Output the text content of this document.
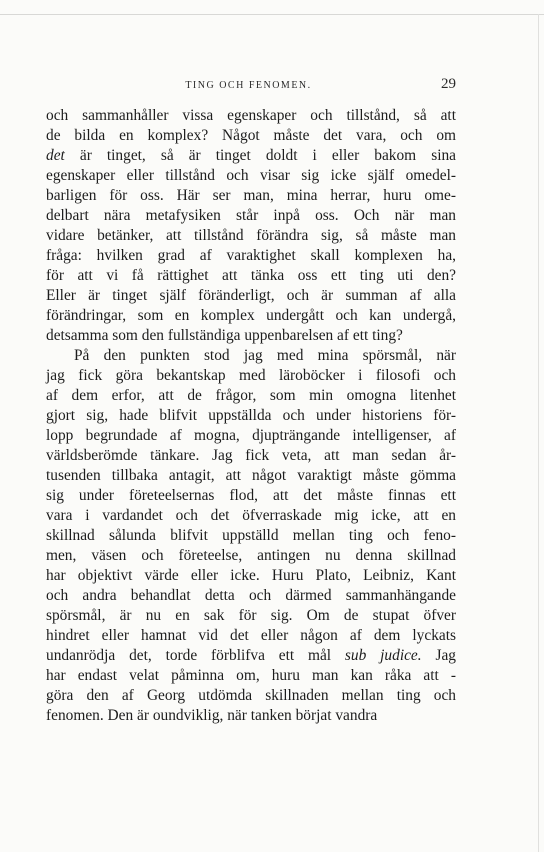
TING OCH FENOMEN.	29
och sammanhåller vissa egenskaper och tillstånd, så att
de bilda en komplex? Något måste det vara, och om
det är tinget, så är tinget doldt i eller bakom sina
egenskaper eller tillstånd och visar sig icke själf omedel-
barligen för oss. Här ser man, mina herrar, huru ome-
delbart nära metafysiken står inpå oss. Och när man
vidare betänker, att tillstånd förändra sig, så måste man
fråga: hvilken grad af varaktighet skall komplexen ha,
för att vi få rättighet att tänka oss ett ting uti den?
Eller är tinget själf föränderligt, och är summan af alla
förändringar, som en komplex undergått och kan undergå,
detsamma som den fullständiga uppenbarelsen af ett ting?
På den punkten stod jag med mina spörsmål, när
jag fick göra bekantskap med läroböcker i filosofi och
af dem erfor, att de frågor, som min omogna litenhet
gjort sig, hade blifvit uppställda och under historiens för-
lopp begrundade af mogna, djupträngande intelligenser, af
världsberömde tänkare. Jag fick veta, att man sedan år-
tusenden tillbaka antagit, att något varaktigt måste gömma
sig under företeelsernas flod, att det måste finnas ett
vara i vardandet och det öfverraskade mig icke, att en
skillnad sålunda blifvit uppställd mellan ting och feno-
men, väsen och företeelse, antingen nu denna skillnad
har objektivt värde eller icke. Huru Plato, Leibniz, Kant
och andra behandlat detta och därmed sammanhängande
spörsmål, är nu en sak för sig. Om de stupat öfver
hindret eller hamnat vid det eller någon af dem lyckats
undanrödja det, torde förblifva ett mål sub judice. Jag
har endast velat påminna om, huru man kan råka att -
göra den af Georg utdömda skillnaden mellan ting och
fenomen. Den är oundviklig, när tanken börjat vandra
